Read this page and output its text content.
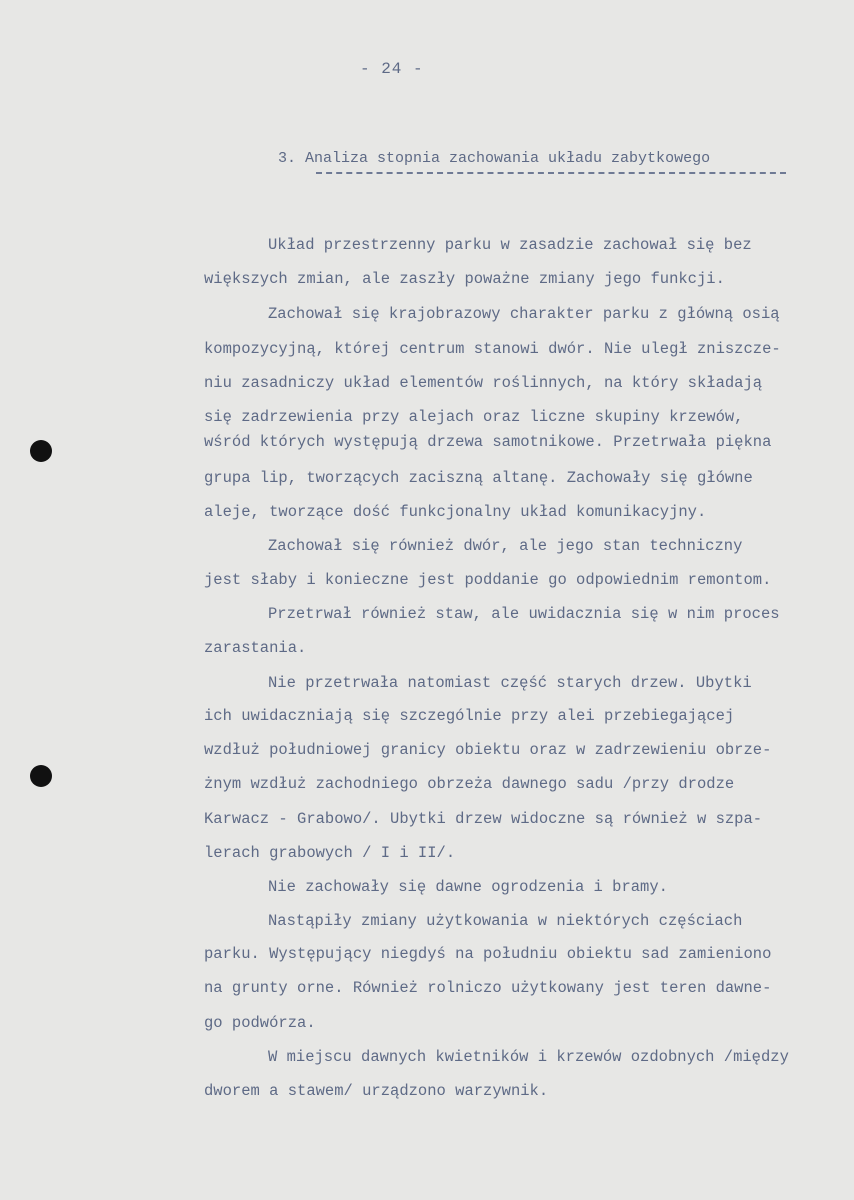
- 24 -
3. Analiza stopnia zachowania układu zabytkowego
Układ przestrzenny parku w zasadzie zachował się bez
większych zmian, ale zaszły poważne zmiany jego funkcji.
Zachował się krajobrazowy charakter parku z główną osią
kompozycyjną, której centrum stanowi dwór. Nie uległ zniszcze-
niu zasadniczy układ elementów roślinnych, na który składają
się zadrzewienia przy alejach oraz liczne skupiny krzewów,
wśród których występują drzewa samotnikowe. Przetrwała piękna
grupa lip, tworzących zaciszną altanę. Zachowały się główne
aleje, tworzące dość funkcjonalny układ komunikacyjny.
Zachował się również dwór, ale jego stan techniczny
jest słaby i konieczne jest poddanie go odpowiednim remontom.
Przetrwał również staw, ale uwidacznia się w nim proces
zarastania.
Nie przetrwała natomiast część starych drzew. Ubytki
ich uwidaczniają się szczególnie przy alei przebiegającej
wzdłuż południowej granicy obiektu oraz w zadrzewieniu obrze-
żnym wzdłuż zachodniego obrzeża dawnego sadu /przy drodze
Karwacz - Grabowo/. Ubytki drzew widoczne są również w szpa-
lerach grabowych / I i II/.
Nie zachowały się dawne ogrodzenia i bramy.
Nastąpiły zmiany użytkowania w niektórych częściach
parku. Występujący niegdyś na południu obiektu sad zamieniono
na grunty orne. Również rolniczo użytkowany jest teren dawne-
go podwórza.
W miejscu dawnych kwietników i krzewów ozdobnych /między
dworem a stawem/ urządzono warzywnik.
